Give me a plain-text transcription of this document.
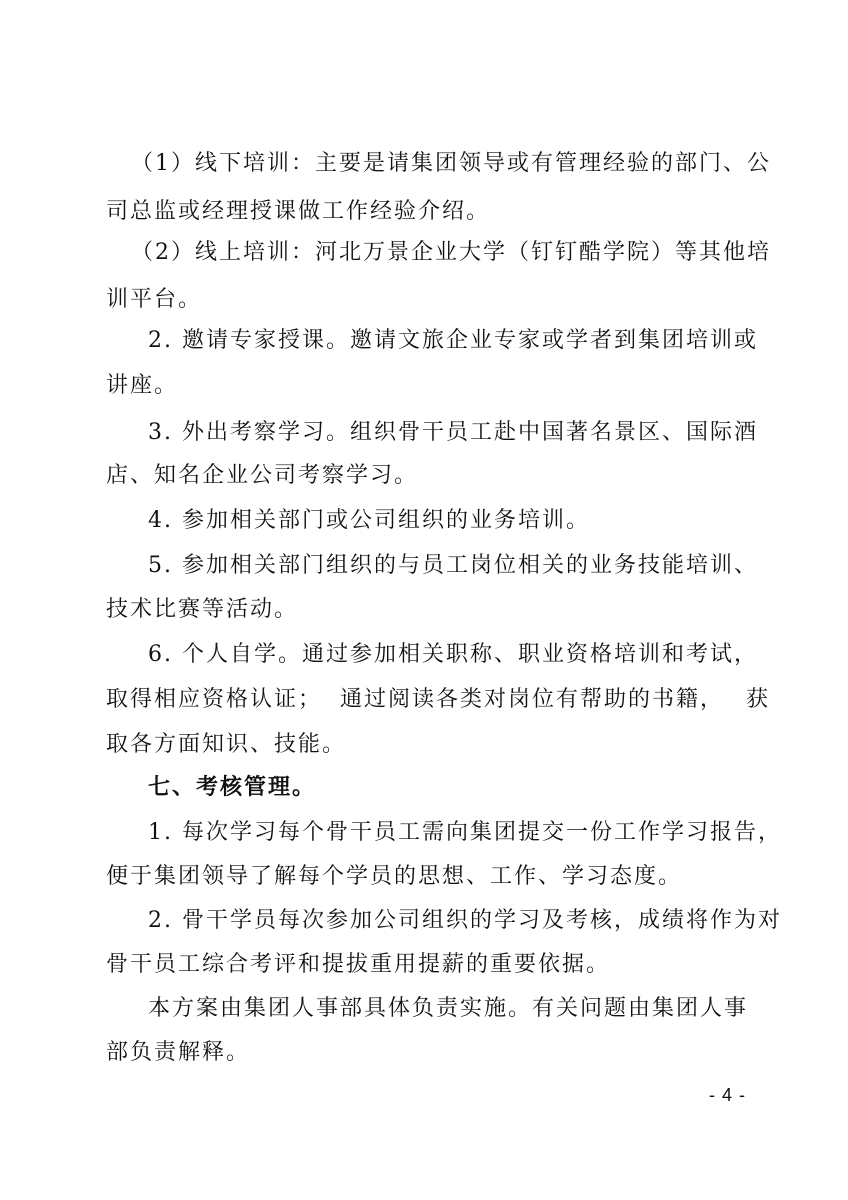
（1）线下培训：主要是请集团领导或有管理经验的部门、公
司总监或经理授课做工作经验介绍。
（2）线上培训：河北万景企业大学（钉钉酷学院）等其他培
训平台。
2. 邀请专家授课。邀请文旅企业专家或学者到集团培训或
讲座。
3. 外出考察学习。组织骨干员工赴中国著名景区、国际酒
店、知名企业公司考察学习。
4. 参加相关部门或公司组织的业务培训。
5. 参加相关部门组织的与员工岗位相关的业务技能培训、
技术比赛等活动。
6. 个人自学。通过参加相关职称、职业资格培训和考试，
取得相应资格认证； 通过阅读各类对岗位有帮助的书籍， 获
取各方面知识、技能。
七、考核管理。
1. 每次学习每个骨干员工需向集团提交一份工作学习报告，
便于集团领导了解每个学员的思想、工作、学习态度。
2. 骨干学员每次参加公司组织的学习及考核，成绩将作为对
骨干员工综合考评和提拔重用提薪的重要依据。
本方案由集团人事部具体负责实施。有关问题由集团人事
部负责解释。
- 4 -
